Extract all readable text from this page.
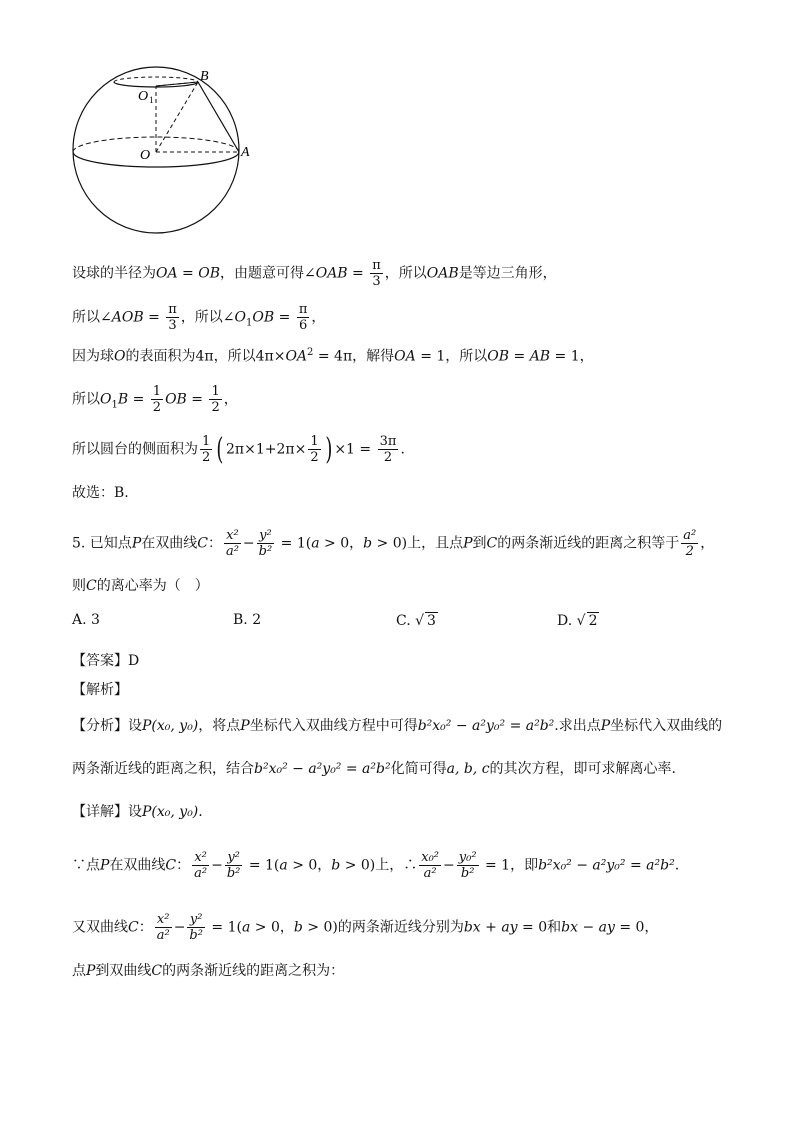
B
O 1
O	A
设球的半径为OA = OB，由题意可得∠OAB = $\frac{\pi}{3}$ ，所以OAB是等边三角形，
所以∠AOB = $\frac{\pi}{3}$ ，所以$\angle O_1OB = \frac{\pi}{6}$ ，
因为球O的表面积为4π，所以$4\pi\times OA^2 = 4\pi$，解得OA = 1，所以OB = AB = 1，
所以$O_1B = \frac{1}{2}$ OB = $\frac{1}{2}$ ，
所以圆台的侧面积为 $\frac{1}{2}$ ( $2\pi\times 1+2\pi\times \frac{1}{2}$ ) $\times 1 = \frac{3\pi}{2}$ .
故选：B.
5. 已知点P在双曲线C： $\frac{\text{x²}}{\text{a²}} - \frac{\text{y²}}{\text{b²}} = 1(a > 0$，b > 0)上，且点P到C的两条渐近线的距离之积等于 $\frac{\text{a²}}{2}$ ，
则C的离心率为（　）
A. 3	B. 2	C. √ 3	D. √ 2
【答案】D
【解析】
【分析】设P(x₀, y₀)，将点P坐标代入双曲线方程中可得b²x₀² − a²y₀² = a²b².求出点P坐标代入双曲线的
两条渐近线的距离之积，结合b²x₀² − a²y₀² = a²b²化简可得a, b, c的其次方程，即可求解离心率.
【详解】设P(x₀, y₀).
∵点P在双曲线C： $\frac{\text{x²}}{\text{a²}} - \frac{\text{y²}}{\text{b²}} = 1(a > 0$，b > 0)上，∴ $\frac{\text{x₀²}}{\text{a²}} - \frac{\text{y₀²}}{\text{b²}} = 1$，即b²x₀² − a²y₀² = a²b².
又双曲线C： $\frac{\text{x²}}{\text{a²}} - \frac{\text{y²}}{\text{b²}} = 1(a > 0$，b > 0)的两条渐近线分别为bx + ay = 0和bx − ay = 0，
点P到双曲线C的两条渐近线的距离之积为：
